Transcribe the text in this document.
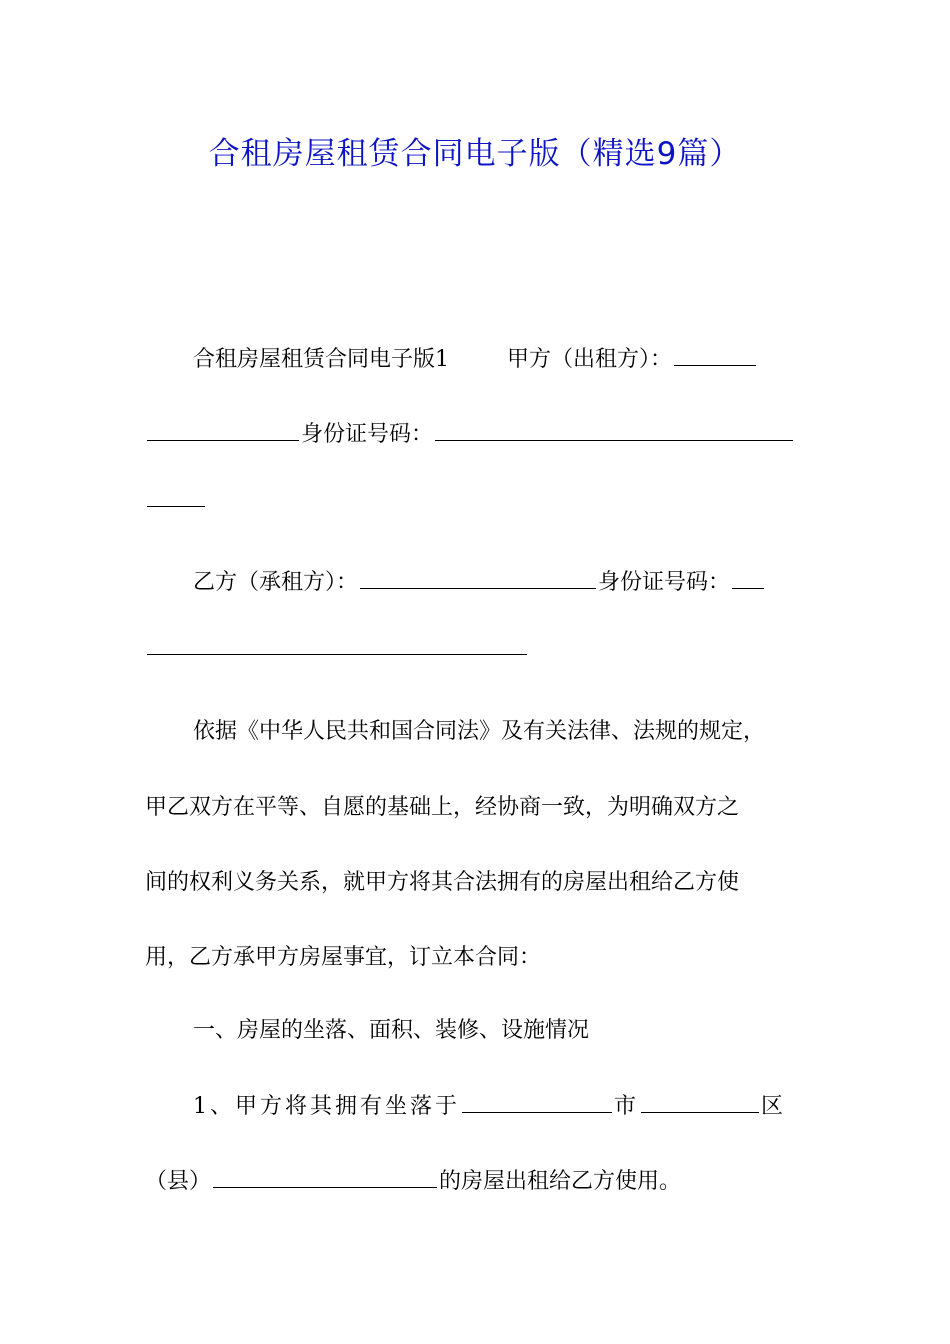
合租房屋租赁合同电子版（精选9篇）
合租房屋租赁合同电子版1	甲方（出租方）：
身份证号码：
乙方（承租方）：	身份证号码：
依据《中华人民共和国合同法》及有关法律、法规的规定，
甲乙双方在平等、自愿的基础上，经协商一致，为明确双方之
间的权利义务关系，就甲方将其合法拥有的房屋出租给乙方使
用，乙方承甲方房屋事宜，订立本合同：
一、房屋的坐落、面积、装修、设施情况
1、甲方将其拥有坐落于	市	区
（县）	的房屋出租给乙方使用。
